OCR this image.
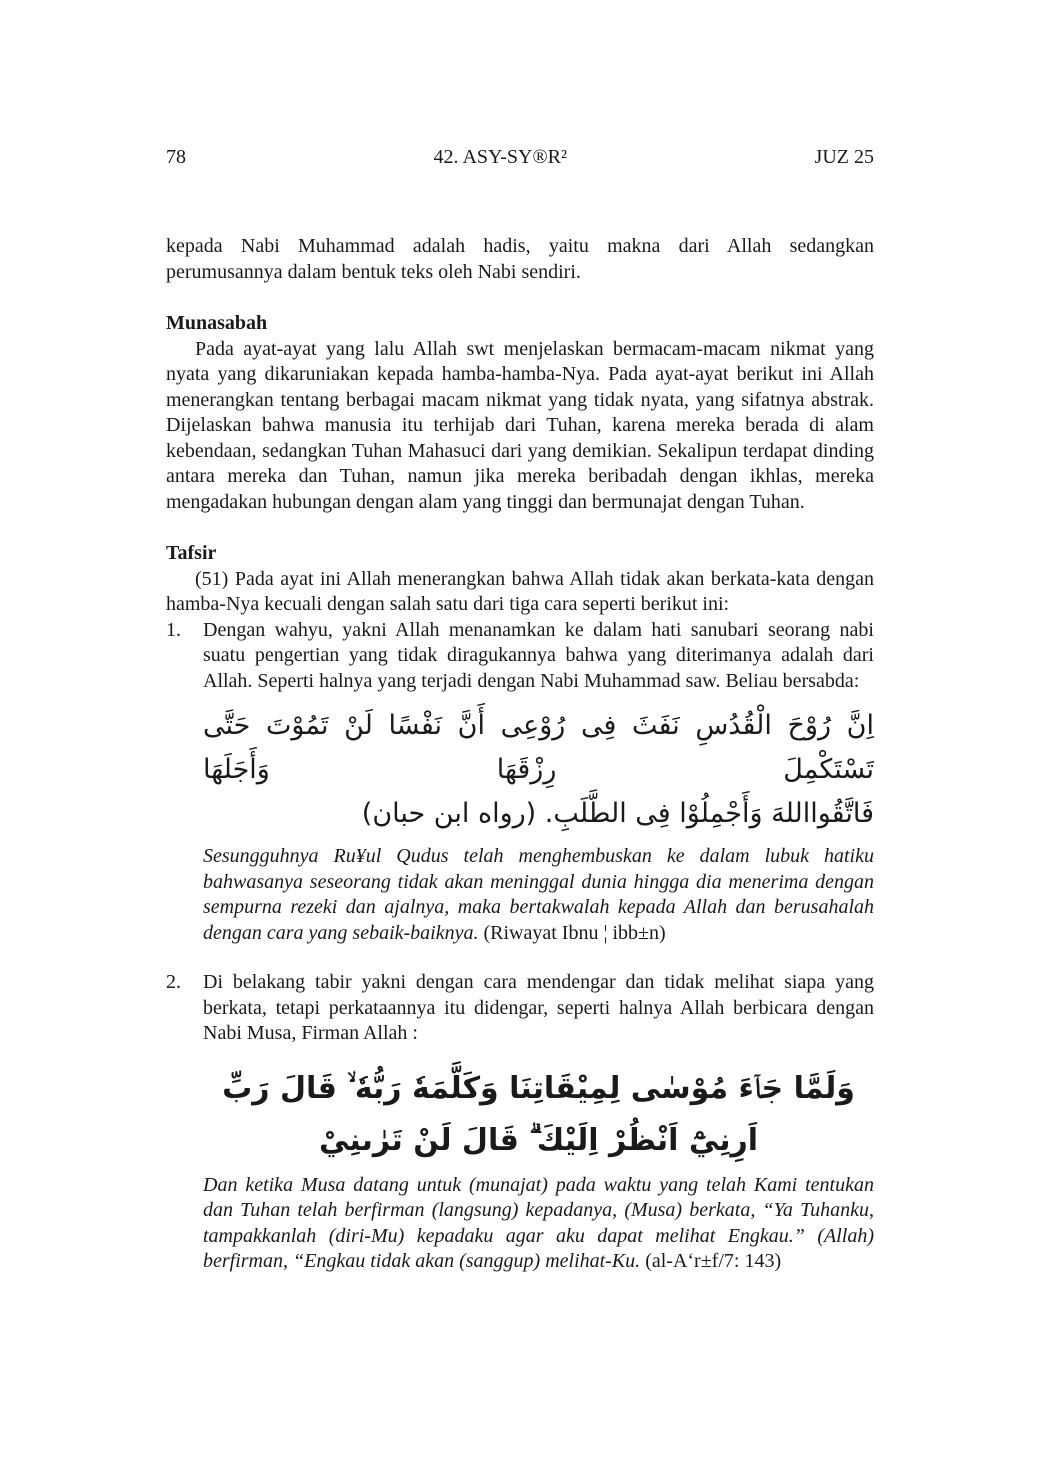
78	42. ASY-SY®R²	JUZ 25

kepada Nabi Muhammad adalah hadis, yaitu makna dari Allah sedangkan perumusannya dalam bentuk teks oleh Nabi sendiri.

Munasabah

Pada ayat-ayat yang lalu Allah swt menjelaskan bermacam-macam nikmat yang nyata yang dikaruniakan kepada hamba-hamba-Nya. Pada ayat-ayat berikut ini Allah menerangkan tentang berbagai macam nikmat yang tidak nyata, yang sifatnya abstrak. Dijelaskan bahwa manusia itu terhijab dari Tuhan, karena mereka berada di alam kebendaan, sedangkan Tuhan Mahasuci dari yang demikian. Sekalipun terdapat dinding antara mereka dan Tuhan, namun jika mereka beribadah dengan ikhlas, mereka mengadakan hubungan dengan alam yang tinggi dan bermunajat dengan Tuhan.

Tafsir

(51) Pada ayat ini Allah menerangkan bahwa Allah tidak akan berkata-kata dengan hamba-Nya kecuali dengan salah satu dari tiga cara seperti berikut ini:

1.	Dengan wahyu, yakni Allah menanamkan ke dalam hati sanubari seorang nabi suatu pengertian yang tidak diragukannya bahwa yang diterimanya adalah dari Allah. Seperti halnya yang terjadi dengan Nabi Muhammad saw. Beliau bersabda:

اِنَّ رُوْحَ الْقُدُسِ نَفَثَ فِى رُوْعِى أَنَّ نَفْسًا لَنْ تَمُوْتَ حَتَّى تَسْتَكْمِلَ رِزْقَهَا وَأَجَلَهَا
فَاتَّقُوااللهَ وَأَجْمِلُوْا فِى الطَّلَبِ. (رواه ابن حبان)

Sesungguhnya Ru¥ul Qudus telah menghembuskan ke dalam lubuk hatiku bahwasanya seseorang tidak akan meninggal dunia hingga dia menerima dengan sempurna rezeki dan ajalnya, maka bertakwalah kepada Allah dan berusahalah dengan cara yang sebaik-baiknya. (Riwayat Ibnu ¦ ibb±n)

2.	Di belakang tabir yakni dengan cara mendengar dan tidak melihat siapa yang berkata, tetapi perkataannya itu didengar, seperti halnya Allah berbicara dengan Nabi Musa, Firman Allah :

وَلَمَّا جَاۤءَ مُوْسٰى لِمِيْقَاتِنَا وَكَلَّمَهٗ رَبُّهٗ ۙ قَالَ رَبِّ اَرِنِيْٓ اَنْظُرْ اِلَيْكَ ۗ قَالَ لَنْ تَرٰىنِيْ

Dan ketika Musa datang untuk (munajat) pada waktu yang telah Kami tentukan dan Tuhan telah berfirman (langsung) kepadanya, (Musa) berkata, “Ya Tuhanku, tampakkanlah (diri-Mu) kepadaku agar aku dapat melihat Engkau.” (Allah) berfirman, “Engkau tidak akan (sanggup) melihat-Ku. (al-A‘r±f/7: 143)
